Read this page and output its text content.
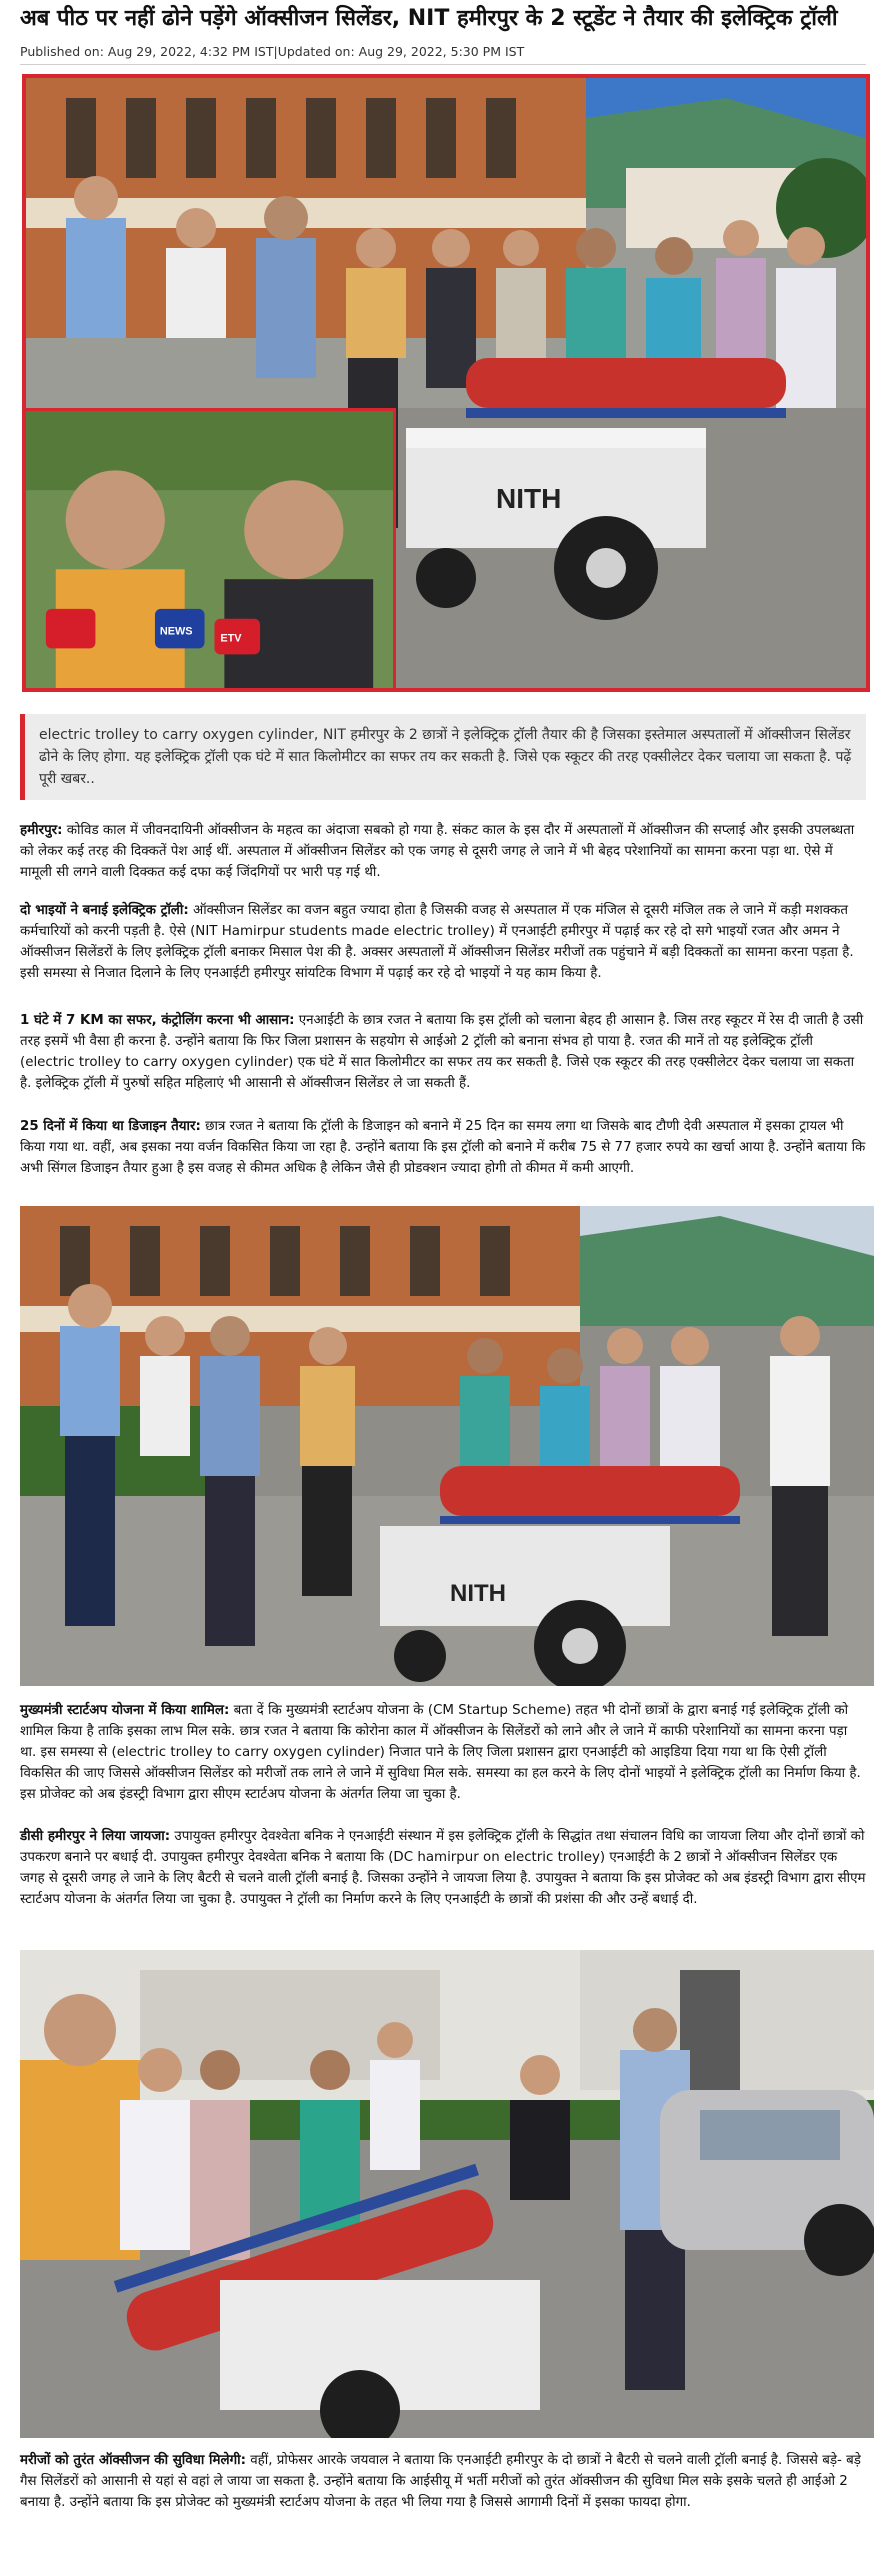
अब पीठ पर नहीं ढोने पड़ेंगे ऑक्सीजन सिलेंडर, NIT हमीरपुर के 2 स्टूडेंट ने तैयार की इलेक्ट्रिक ट्रॉली
Published on: Aug 29, 2022, 4:32 PM IST|Updated on: Aug 29, 2022, 5:30 PM IST
NITH
NEWS
ETV
electric trolley to carry oxygen cylinder, NIT हमीरपुर के 2 छात्रों ने इलेक्ट्रिक ट्रॉली तैयार की है जिसका इस्तेमाल अस्पतालों में ऑक्सीजन सिलेंडर ढोने के लिए होगा. यह इलेक्ट्रिक ट्रॉली एक घंटे में सात किलोमीटर का सफर तय कर सकती है. जिसे एक स्कूटर की तरह एक्सीलेटर देकर चलाया जा सकता है. पढ़ें पूरी खबर..
हमीरपुर: कोविड काल में जीवनदायिनी ऑक्सीजन के महत्व का अंदाजा सबको हो गया है. संकट काल के इस दौर में अस्पतालों में ऑक्सीजन की सप्लाई और इसकी उपलब्धता को लेकर कई तरह की दिक्कतें पेश आई थीं. अस्पताल में ऑक्सीजन सिलेंडर को एक जगह से दूसरी जगह ले जाने में भी बेहद परेशानियों का सामना करना पड़ा था. ऐसे में मामूली सी लगने वाली दिक्कत कई दफा कई जिंदगियों पर भारी पड़ गई थी.
दो भाइयों ने बनाई इलेक्ट्रिक ट्रॉली: ऑक्सीजन सिलेंडर का वजन बहुत ज्यादा होता है जिसकी वजह से अस्पताल में एक मंजिल से दूसरी मंजिल तक ले जाने में कड़ी मशक्कत कर्मचारियों को करनी पड़ती है. ऐसे (NIT Hamirpur students made electric trolley) में एनआईटी हमीरपुर में पढ़ाई कर रहे दो सगे भाइयों रजत और अमन ने ऑक्सीजन सिलेंडरों के लिए इलेक्ट्रिक ट्रॉली बनाकर मिसाल पेश की है. अक्सर अस्पतालों में ऑक्सीजन सिलेंडर मरीजों तक पहुंचाने में बड़ी दिक्कतों का सामना करना पड़ता है. इसी समस्या से निजात दिलाने के लिए एनआईटी हमीरपुर सांयटिक विभाग में पढ़ाई कर रहे दो भाइयों ने यह काम किया है.
1 घंटे में 7 KM का सफर, कंट्रोलिंग करना भी आसान: एनआईटी के छात्र रजत ने बताया कि इस ट्रॉली को चलाना बेहद ही आसान है. जिस तरह स्कूटर में रेस दी जाती है उसी तरह इसमें भी वैसा ही करना है. उन्होंने बताया कि फिर जिला प्रशासन के सहयोग से आईओ 2 ट्रॉली को बनाना संभव हो पाया है. रजत की मानें तो यह इलेक्ट्रिक ट्रॉली (electric trolley to carry oxygen cylinder) एक घंटे में सात किलोमीटर का सफर तय कर सकती है. जिसे एक स्कूटर की तरह एक्सीलेटर देकर चलाया जा सकता है. इलेक्ट्रिक ट्रॉली में पुरुषों सहित महिलाएं भी आसानी से ऑक्सीजन सिलेंडर ले जा सकती हैं.
25 दिनों में किया था डिजाइन तैयार: छात्र रजत ने बताया कि ट्रॉली के डिजाइन को बनाने में 25 दिन का समय लगा था जिसके बाद टौणी देवी अस्पताल में इसका ट्रायल भी किया गया था. वहीं, अब इसका नया वर्जन विकसित किया जा रहा है. उन्होंने बताया कि इस ट्रॉली को बनाने में करीब 75 से 77 हजार रुपये का खर्चा आया है. उन्होंने बताया कि अभी सिंगल डिजाइन तैयार हुआ है इस वजह से कीमत अधिक है लेकिन जैसे ही प्रोडक्शन ज्यादा होगी तो कीमत में कमी आएगी.
NITH
मुख्यमंत्री स्टार्टअप योजना में किया शामिल: बता दें कि मुख्यमंत्री स्टार्टअप योजना के (CM Startup Scheme) तहत भी दोनों छात्रों के द्वारा बनाई गई इलेक्ट्रिक ट्रॉली को शामिल किया है ताकि इसका लाभ मिल सके. छात्र रजत ने बताया कि कोरोना काल में ऑक्सीजन के सिलेंडरों को लाने और ले जाने में काफी परेशानियों का सामना करना पड़ा था. इस समस्या से (electric trolley to carry oxygen cylinder) निजात पाने के लिए जिला प्रशासन द्वारा एनआईटी को आइडिया दिया गया था कि ऐसी ट्रॉली विकसित की जाए जिससे ऑक्सीजन सिलेंडर को मरीजों तक लाने ले जाने में सुविधा मिल सके. समस्या का हल करने के लिए दोनों भाइयों ने इलेक्ट्रिक ट्रॉली का निर्माण किया है. इस प्रोजेक्ट को अब इंडस्ट्री विभाग द्वारा सीएम स्टार्टअप योजना के अंतर्गत लिया जा चुका है.
डीसी हमीरपुर ने लिया जायजा: उपायुक्त हमीरपुर देवश्वेता बनिक ने एनआईटी संस्थान में इस इलेक्ट्रिक ट्रॉली के सिद्धांत तथा संचालन विधि का जायजा लिया और दोनों छात्रों को उपकरण बनाने पर बधाई दी. उपायुक्त हमीरपुर देवश्वेता बनिक ने बताया कि (DC hamirpur on electric trolley) एनआईटी के 2 छात्रों ने ऑक्सीजन सिलेंडर एक जगह से दूसरी जगह ले जाने के लिए बैटरी से चलने वाली ट्रॉली बनाई है. जिसका उन्होंने ने जायजा लिया है. उपायुक्त ने बताया कि इस प्रोजेक्ट को अब इंडस्ट्री विभाग द्वारा सीएम स्टार्टअप योजना के अंतर्गत लिया जा चुका है. उपायुक्त ने ट्रॉली का निर्माण करने के लिए एनआईटी के छात्रों की प्रशंसा की और उन्हें बधाई दी.
मरीजों को तुरंत ऑक्सीजन की सुविधा मिलेगी: वहीं, प्रोफेसर आरके जयवाल ने बताया कि एनआईटी हमीरपुर के दो छात्रों ने बैटरी से चलने वाली ट्रॉली बनाई है. जिससे बड़े- बड़े गैस सिलेंडरों को आसानी से यहां से वहां ले जाया जा सकता है. उन्होंने बताया कि आईसीयू में भर्ती मरीजों को तुरंत ऑक्सीजन की सुविधा मिल सके इसके चलते ही आईओ 2 बनाया है. उन्होंने बताया कि इस प्रोजेक्ट को मुख्यमंत्री स्टार्टअप योजना के तहत भी लिया गया है जिससे आगामी दिनों में इसका फायदा होगा.
